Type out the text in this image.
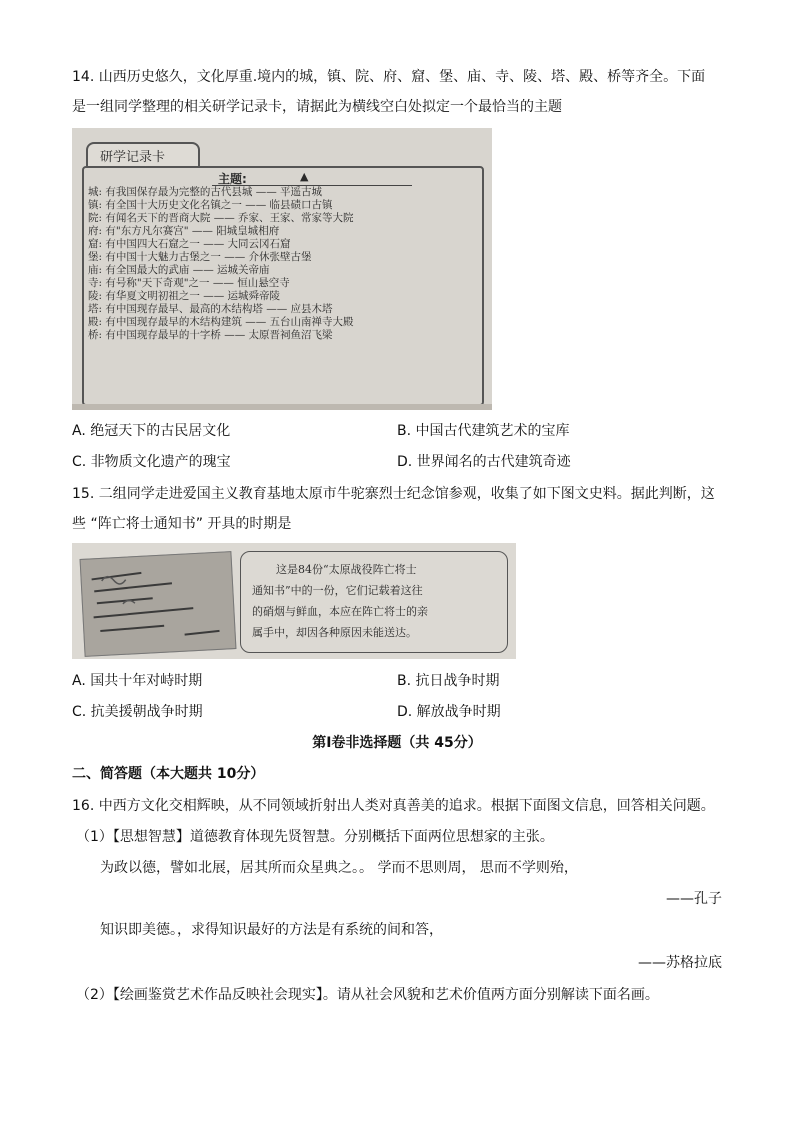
14. 山西历史悠久，文化厚重.境内的城，镇、院、府、窟、堡、庙、寺、陵、塔、殿、桥等齐全。下面
是一组同学整理的相关研学记录卡，请据此为横线空白处拟定一个最恰当的主题
研学记录卡
主题:	▲
城: 有我国保存最为完整的古代县城 —— 平遥古城
镇: 有全国十大历史文化名镇之一 —— 临县碛口古镇
院: 有闻名天下的晋商大院 —— 乔家、王家、常家等大院
府: 有"东方凡尔赛宫" —— 阳城皇城相府
窟: 有中国四大石窟之一 —— 大同云冈石窟
堡: 有中国十大魅力古堡之一 —— 介休张壁古堡
庙: 有全国最大的武庙 —— 运城关帝庙
寺: 有号称"天下奇观"之一 —— 恒山悬空寺
陵: 有华夏文明初祖之一 —— 运城舜帝陵
塔: 有中国现存最早、最高的木结构塔 —— 应县木塔
殿: 有中国现存最早的木结构建筑 —— 五台山南禅寺大殿
桥: 有中国现存最早的十字桥 —— 太原晋祠鱼沼飞梁
A. 绝冠天下的古民居文化	B. 中国古代建筑艺术的宝库
C. 非物质文化遗产的瑰宝	D. 世界闻名的古代建筑奇迹
15. 二组同学走进爱国主义教育基地太原市牛驼寨烈士纪念馆参观，收集了如下图文史料。据此判断，这
些 “阵亡将士通知书” 开具的时期是
这是84份“太原战役阵亡将士
通知书”中的一份，它们记载着这往
的硝烟与鲜血，本应在阵亡将士的亲
属手中，却因各种原因未能送达。
A. 国共十年对峙时期	B. 抗日战争时期
C. 抗美援朝战争时期	D. 解放战争时期
第Ⅰ卷非选择题（共 45分）
二、简答题（本大题共 10分）
16. 中西方文化交相辉映，从不同领域折射出人类对真善美的追求。根据下面图文信息，回答相关问题。
（1）【思想智慧】道德教育体现先贤智慧。分别概括下面两位思想家的主张。
为政以德，譬如北展，居其所而众星典之。。 学而不思则周， 思而不学则殆，
——孔子
知识即美德。，求得知识最好的方法是有系统的间和答，
——苏格拉底
（2）【绘画鉴赏艺术作品反映社会现实】。请从社会风貌和艺术价值两方面分别解读下面名画。
